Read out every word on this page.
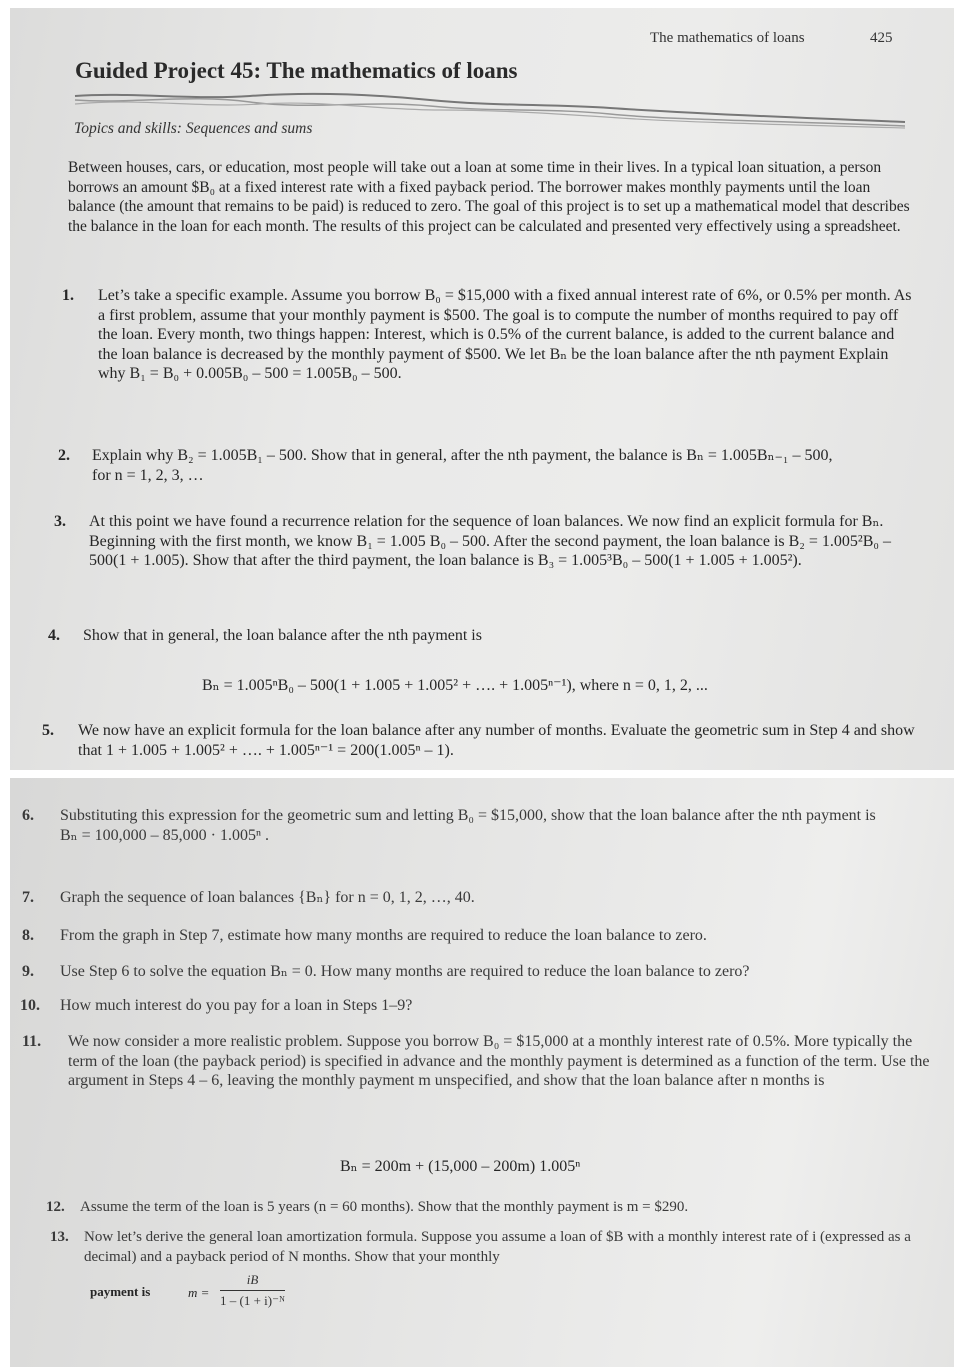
The mathematics of loans	425
Guided Project 45: The mathematics of loans
Topics and skills: Sequences and sums
Between houses, cars, or education, most people will take out a loan at some time in their lives. In a typical loan situation, a person borrows an amount $B₀ at a fixed interest rate with a fixed payback period. The borrower makes monthly payments until the loan balance (the amount that remains to be paid) is reduced to zero. The goal of this project is to set up a mathematical model that describes the balance in the loan for each month. The results of this project can be calculated and presented very effectively using a spreadsheet.
1. Let’s take a specific example. Assume you borrow B₀ = $15,000 with a fixed annual interest rate of 6%, or 0.5% per month. As a first problem, assume that your monthly payment is $500. The goal is to compute the number of months required to pay off the loan. Every month, two things happen: Interest, which is 0.5% of the current balance, is added to the current balance and the loan balance is decreased by the monthly payment of $500. We let Bₙ be the loan balance after the nth payment Explain why B₁ = B₀ + 0.005B₀ – 500 = 1.005B₀ – 500.
2. Explain why B₂ = 1.005B₁ – 500. Show that in general, after the nth payment, the balance is Bₙ = 1.005Bₙ₋₁ – 500, for n = 1, 2, 3, …
3. At this point we have found a recurrence relation for the sequence of loan balances. We now find an explicit formula for Bₙ. Beginning with the first month, we know B₁ = 1.005 B₀ – 500. After the second payment, the loan balance is B₂ = 1.005²B₀ – 500(1 + 1.005). Show that after the third payment, the loan balance is B₃ = 1.005³B₀ – 500(1 + 1.005 + 1.005²).
4. Show that in general, the loan balance after the nth payment is
Bₙ = 1.005ⁿB₀ – 500(1 + 1.005 + 1.005² + …. + 1.005ⁿ⁻¹), where n = 0, 1, 2, ...
5. We now have an explicit formula for the loan balance after any number of months. Evaluate the geometric sum in Step 4 and show that 1 + 1.005 + 1.005² + …. + 1.005ⁿ⁻¹ = 200(1.005ⁿ – 1).
6. Substituting this expression for the geometric sum and letting B₀ = $15,000, show that the loan balance after the nth payment is Bₙ = 100,000 – 85,000 · 1.005ⁿ .
7. Graph the sequence of loan balances {Bₙ} for n = 0, 1, 2, …, 40.
8. From the graph in Step 7, estimate how many months are required to reduce the loan balance to zero.
9. Use Step 6 to solve the equation Bₙ = 0. How many months are required to reduce the loan balance to zero?
10. How much interest do you pay for a loan in Steps 1–9?
11. We now consider a more realistic problem. Suppose you borrow B₀ = $15,000 at a monthly interest rate of 0.5%. More typically the term of the loan (the payback period) is specified in advance and the monthly payment is determined as a function of the term. Use the argument in Steps 4 – 6, leaving the monthly payment m unspecified, and show that the loan balance after n months is
Bₙ = 200m + (15,000 – 200m) 1.005ⁿ
12. Assume the term of the loan is 5 years (n = 60 months). Show that the monthly payment is m = $290.
13. Now let’s derive the general loan amortization formula. Suppose you assume a loan of $B with a monthly interest rate of i (expressed as a decimal) and a payback period of N months. Show that your monthly
payment is	$m = \frac{iB}{\text{1 – (1 + i)⁻ᴺ}}$
